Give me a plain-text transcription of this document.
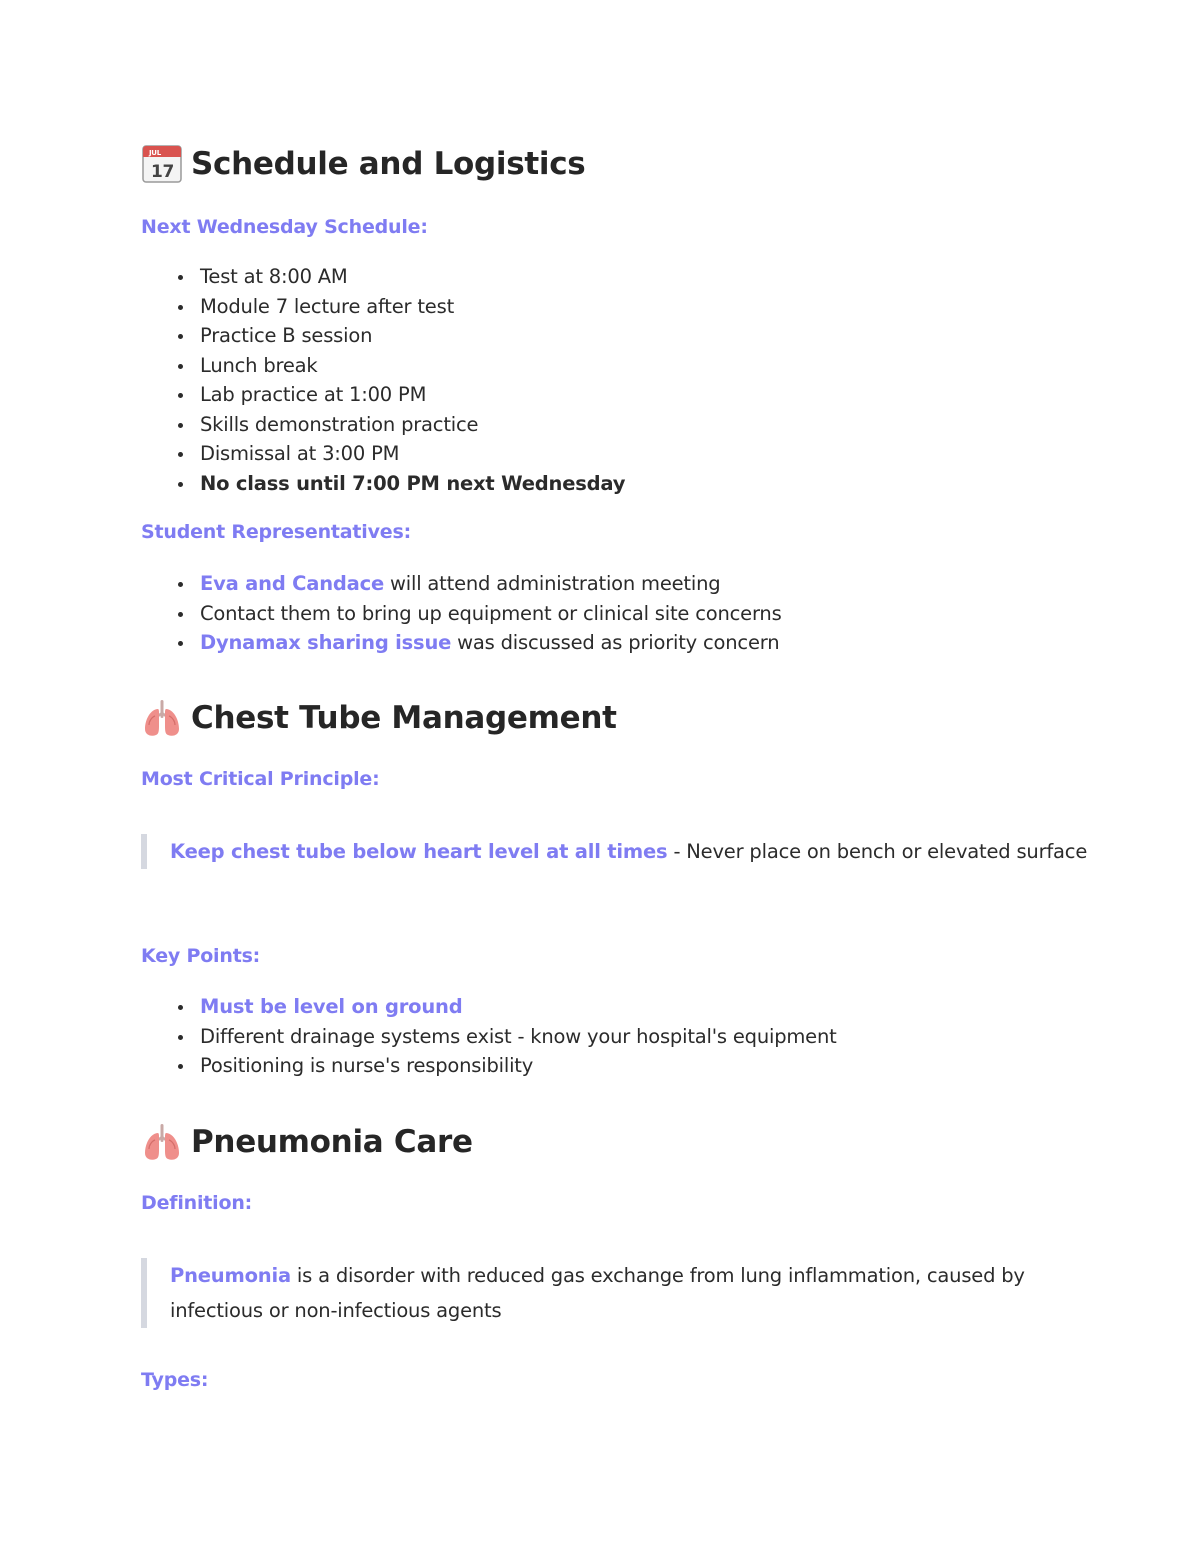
JUL
17 Schedule and Logistics
Next Wednesday Schedule:
Test at 8:00 AM
Module 7 lecture after test
Practice B session
Lunch break
Lab practice at 1:00 PM
Skills demonstration practice
Dismissal at 3:00 PM
No class until 7:00 PM next Wednesday
Student Representatives:
Eva and Candace will attend administration meeting
Contact them to bring up equipment or clinical site concerns
Dynamax sharing issue was discussed as priority concern
Chest Tube Management
Most Critical Principle:
Keep chest tube below heart level at all times - Never place on bench or elevated surface
Key Points:
Must be level on ground
Different drainage systems exist - know your hospital's equipment
Positioning is nurse's responsibility
Pneumonia Care
Definition:
Pneumonia is a disorder with reduced gas exchange from lung inflammation, caused by infectious or non-infectious agents
Types:
